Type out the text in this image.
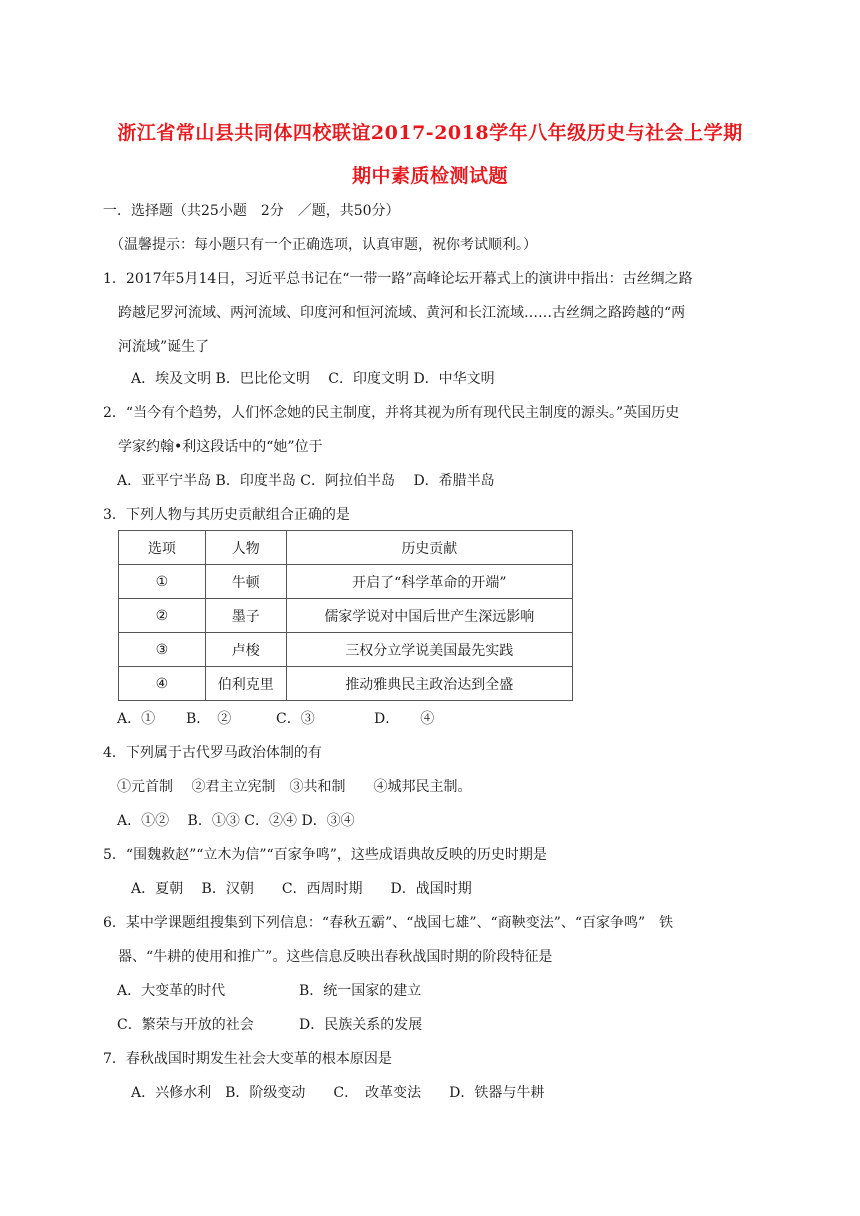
浙江省常山县共同体四校联谊2017-2018学年八年级历史与社会上学期
期中素质检测试题
一．选择题（共25小题　2分　／题，共50分）
（温馨提示：每小题只有一个正确选项，认真审题，祝你考试顺利。）
1．2017年5月14日，习近平总书记在“一带一路”高峰论坛开幕式上的演讲中指出：古丝绸之路
跨越尼罗河流域、两河流域、印度河和恒河流域、黄河和长江流域……古丝绸之路跨越的“两
河流域”诞生了
A．埃及文明 B．巴比伦文明　 C．印度文明 D．中华文明
2．“当今有个趋势，人们怀念她的民主制度，并将其视为所有现代民主制度的源头。”英国历史
学家约翰•利这段话中的“她”位于
A．亚平宁半岛 B．印度半岛 C．阿拉伯半岛　 D．希腊半岛
3．下列人物与其历史贡献组合正确的是
选项	人物	历史贡献
①	牛顿	开启了“科学革命的开端”
②	墨子	儒家学说对中国后世产生深远影响
③	卢梭	三权分立学说美国最先实践
④	伯利克里	推动雅典民主政治达到全盛
A．① B．　②	C．③	D．　　④
4．下列属于古代罗马政治体制的有
①元首制　 ②君主立宪制　③共和制　　④城邦民主制。
A．①②　 B．①③ C．②④ D．③④
5．“围魏救赵”“立木为信”“百家争鸣”，这些成语典故反映的历史时期是
A．夏朝　 B．汉朝　　C．西周时期　　D．战国时期
6．某中学课题组搜集到下列信息：“春秋五霸”、“战国七雄”、“商鞅变法”、“百家争鸣”　铁
器、“牛耕的使用和推广”。这些信息反映出春秋战国时期的阶段特征是
A．大变革的时代	B．统一国家的建立
C．繁荣与开放的社会	D．民族关系的发展
7．春秋战国时期发生社会大变革的根本原因是
A．兴修水利　B．阶级变动　　C．　改革变法　　D．铁器与牛耕
